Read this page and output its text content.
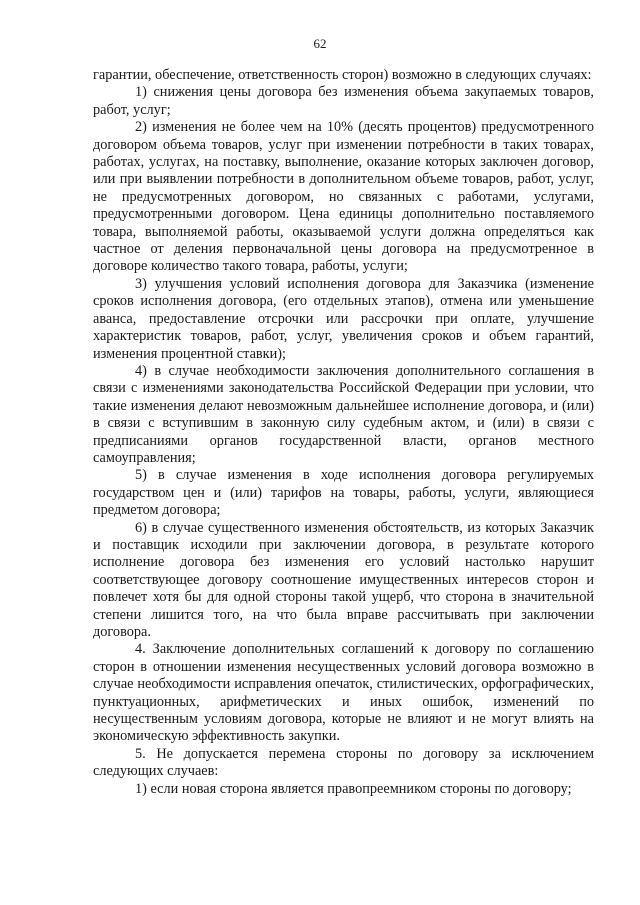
62

гарантии, обеспечение, ответственность сторон) возможно в следующих случаях:

1) снижения цены договора без изменения объема закупаемых товаров, работ, услуг;

2) изменения не более чем на 10% (десять процентов) предусмотренного договором объема товаров, услуг при изменении потребности в таких товарах, работах, услугах, на поставку, выполнение, оказание которых заключен договор, или при выявлении потребности в дополнительном объеме товаров, работ, услуг, не предусмотренных договором, но связанных с работами, услугами, предусмотренными договором. Цена единицы дополнительно поставляемого товара, выполняемой работы, оказываемой услуги должна определяться как частное от деления первоначальной цены договора на предусмотренное в договоре количество такого товара, работы, услуги;

3) улучшения условий исполнения договора для Заказчика (изменение сроков исполнения договора, (его отдельных этапов), отмена или уменьшение аванса, предоставление отсрочки или рассрочки при оплате, улучшение характеристик товаров, работ, услуг, увеличения сроков и объем гарантий, изменения процентной ставки);

4) в случае необходимости заключения дополнительного соглашения в связи с изменениями законодательства Российской Федерации при условии, что такие изменения делают невозможным дальнейшее исполнение договора, и (или) в связи с вступившим в законную силу судебным актом, и (или) в связи с предписаниями органов государственной власти, органов местного самоуправления;

5) в случае изменения в ходе исполнения договора регулируемых государством цен и (или) тарифов на товары, работы, услуги, являющиеся предметом договора;

6) в случае существенного изменения обстоятельств, из которых Заказчик и поставщик исходили при заключении договора, в результате которого исполнение договора без изменения его условий настолько нарушит соответствующее договору соотношение имущественных интересов сторон и повлечет хотя бы для одной стороны такой ущерб, что сторона в значительной степени лишится того, на что была вправе рассчитывать при заключении договора.

4. Заключение дополнительных соглашений к договору по соглашению сторон в отношении изменения несущественных условий договора возможно в случае необходимости исправления опечаток, стилистических, орфографических, пунктуационных, арифметических и иных ошибок, изменений по несущественным условиям договора, которые не влияют и не могут влиять на экономическую эффективность закупки.

5. Не допускается перемена стороны по договору за исключением следующих случаев:

1) если новая сторона является правопреемником стороны по договору;
